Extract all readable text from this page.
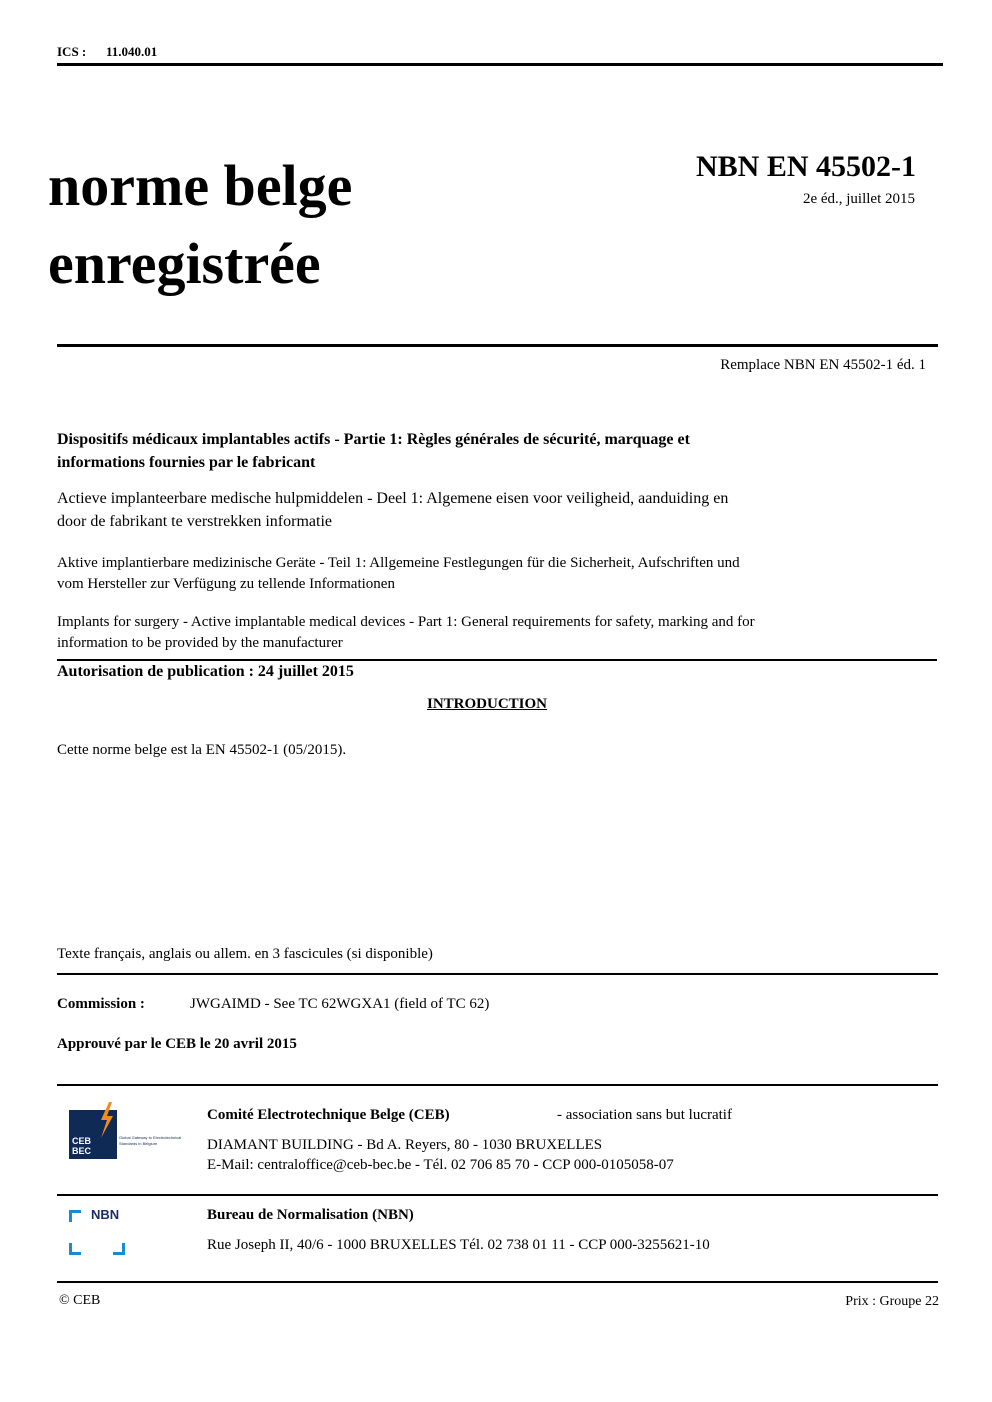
ICS : 11.040.01
norme belge
enregistrée
NBN EN 45502-1
2e éd., juillet 2015
Remplace NBN EN 45502-1 éd. 1
Dispositifs médicaux implantables actifs - Partie 1: Règles générales de sécurité, marquage et
informations fournies par le fabricant
Actieve implanteerbare medische hulpmiddelen - Deel 1: Algemene eisen voor veiligheid, aanduiding en
door de fabrikant te verstrekken informatie
Aktive implantierbare medizinische Geräte - Teil 1: Allgemeine Festlegungen für die Sicherheit, Aufschriften und
vom Hersteller zur Verfügung zu tellende Informationen
Implants for surgery - Active implantable medical devices - Part 1: General requirements for safety, marking and for
information to be provided by the manufacturer
Autorisation de publication : 24 juillet 2015
INTRODUCTION
Cette norme belge est la EN 45502-1 (05/2015).
Texte français, anglais ou allem. en 3 fascicules (si disponible)
Commission :	JWGAIMD - See TC 62WGXA1 (field of TC 62)
Approuvé par le CEB le 20 avril 2015
CEB BEC
Global Gateway to Electrotechnical Standards in Belgium
Comité Electrotechnique Belge (CEB)	- association sans but lucratif
DIAMANT BUILDING - Bd A. Reyers, 80 - 1030 BRUXELLES
E-Mail: centraloffice@ceb-bec.be - Tél. 02 706 85 70 - CCP 000-0105058-07
NBN	Bureau de Normalisation (NBN)
Rue Joseph II, 40/6 - 1000 BRUXELLES Tél. 02 738 01 11 - CCP 000-3255621-10
© CEB	Prix : Groupe 22
